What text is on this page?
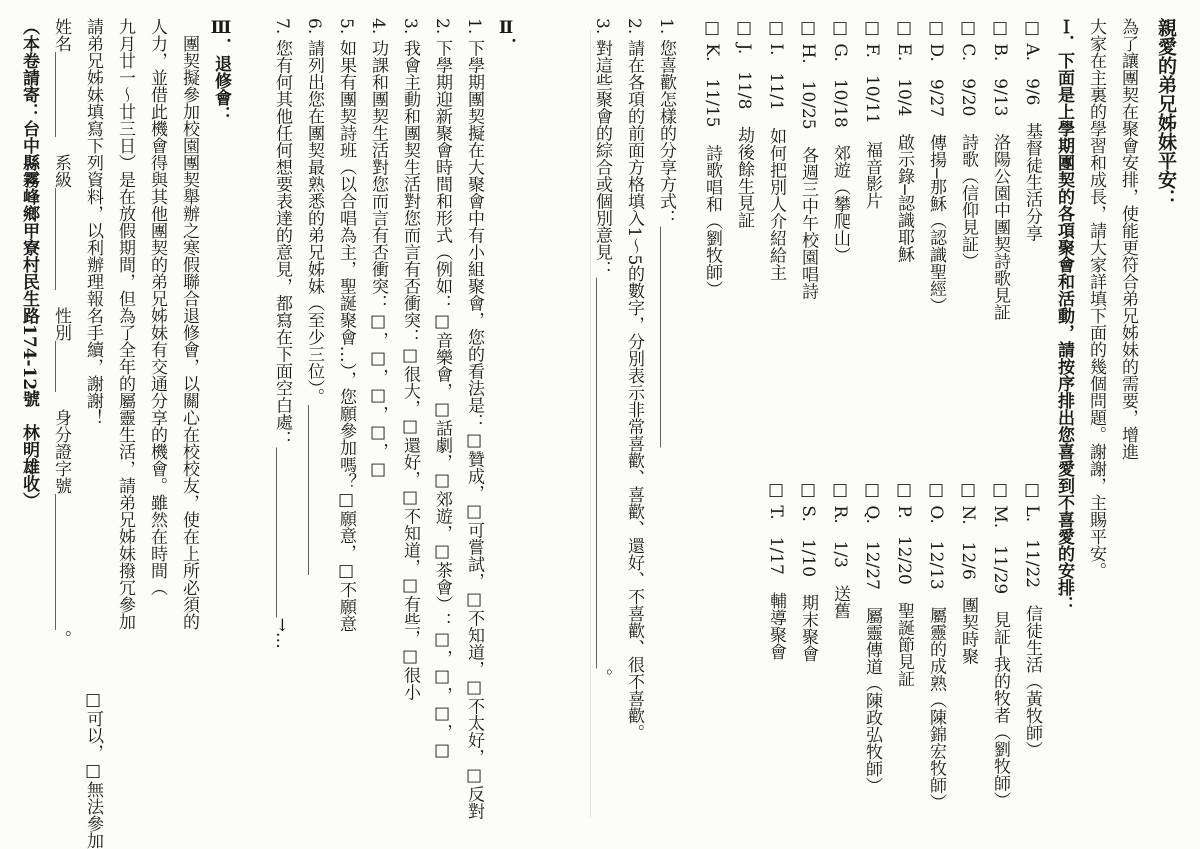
親愛的弟兄姊妹平安：
為了讓團契在聚會安排，使能更符合弟兄姊妹的需要，增進
大家在主裏的學習和成長，請大家詳填下面的幾個問題。謝謝，主賜平安。
Ｉ．下面是上學期團契的各項聚會和活動，請按序排出您喜愛到不喜愛的安排：
□ A.　9/6　基督徒生活分享
□ B.　9/13　洛陽公園中團契詩歌見証
□ C.　9/20　詩歌（信仰見証）
□ D.　9/27　傳揚─那穌（認識聖經）
□ E.　10/4　啟示錄─認識耶穌
□ F.　10/11　福音影片
□ G.　10/18　郊遊（攀爬山）
□ H.　10/25　各週三中午校園唱詩
□ I.　11/1　如何把別人介紹給主
□ J.　11/8　劫後餘生見証
□ K.　11/15　詩歌唱和（劉牧師）
□ L.　11/22　信徒生活（黃牧師）
□ M.　11/29　見証─我的牧者（劉牧師）
□ N.　12/6　團契時聚
□ O.　12/13　屬靈的成熟（陳錦宏牧師）
□ P.　12/20　聖誕節見証
□ Q.　12/27　屬靈傳道（陳政弘牧師）
□ R.　1/3　送舊
□ S.　1/10　期末聚會
□ T.　1/17　輔導聚會
1. 您喜歡怎樣的分享方式：＿＿＿＿＿＿＿＿＿＿＿＿＿
2. 請在各項的前面方格填入1～5的數字，分別表示非常喜歡、喜歡、還好、不喜歡、很不喜歡。
3. 對這些聚會的綜合或個別意見：＿＿＿＿＿＿＿＿＿＿＿＿＿＿＿＿＿＿＿＿＿＿＿。
Ⅱ．
1. 下學期團契擬在大聚會中有小組聚會，您的看法是：□贊成，□可嘗試，□不知道，□不太好，□反對
2. 下學期迎新聚會時間和形式（例如：□音樂會，□話劇，□郊遊，□茶會）：□，□，□，□
3. 我會主動和團契生活對您而言有否衝突：□很大，□還好，□不知道，□有些，□很小
4. 功課和團契生活對您而言有否衝突：□，□，□，□，□
5. 如果有團契詩班（以合唱為主，聖誕聚會…），您願參加嗎？□願意，□不願意
6. 請列出您在團契最熟悉的弟兄姊妹（至少三位）。＿＿＿＿＿＿＿＿＿＿
7. 您有何其他任何想要表達的意見，都寫在下面空白處：＿＿＿＿＿＿＿＿＿＿→…
Ⅲ．退修會：
　團契擬參加校園團契舉辦之寒假聯合退修會，以關心在校校友，使在上所必須的
人力，並借此機會得與其他團契的弟兄姊妹有交通分享的機會。雖然在時間（
九月廿一～廿三日）是在放假期間，但為了全年的屬靈生活，請弟兄姊妹撥冗參加
請弟兄姊妹填寫下列資料，以利辦理報名手續，謝謝！
姓名＿＿＿＿＿　系級＿＿＿＿＿＿　性別＿＿＿　身分證字號＿＿＿＿＿＿＿＿。
□可以，□無法參加
（本卷請寄：台中縣霧峰鄉甲寮村民生路174-12號　林明雄收）
